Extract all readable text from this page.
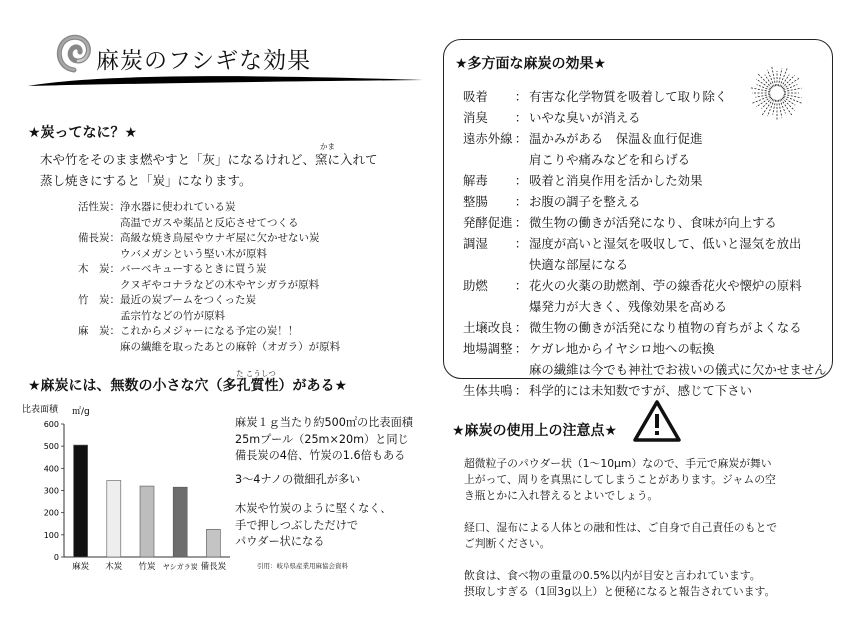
麻炭のフシギな効果
★炭ってなに？★
かま
木や竹をそのまま燃やすと「灰」になるけれど、窯に入れて
蒸し焼きにすると「炭」になります。
活性炭： 浄水器に使われている炭
高温でガスや薬品と反応させてつくる
備長炭： 高級な焼き鳥屋やウナギ屋に欠かせない炭
ウバメガシという堅い木が原料
木　炭： バーベキューするときに買う炭
クヌギやコナラなどの木やヤシガラが原料
竹　炭： 最近の炭ブームをつくった炭
孟宗竹などの竹が原料
麻　炭： これからメジャーになる予定の炭！！
麻の繊維を取ったあとの麻幹（オガラ）が原料
た こうしつ
★麻炭には、無数の小さな穴（多孔質性）がある★
比表面積 ㎡/g
0
100
200
300
400
500
600
麻炭 木炭 竹炭 ヤシガラ炭 備長炭
麻炭１ｇ当たり約500㎡の比表面積
25mプール（25m×20m）と同じ
備長炭の4倍、竹炭の1.6倍もある
3～4ナノの微細孔が多い
木炭や竹炭のように堅くなく、
手で押しつぶしただけで
パウダー状になる
引用：岐阜県産業用麻協会資料
★多方面な麻炭の効果★
吸着	： 有害な化学物質を吸着して取り除く
消臭	： いやな臭いが消える
遠赤外線 ： 温かみがある　保温＆血行促進
肩こりや痛みなどを和らげる
解毒	： 吸着と消臭作用を活かした効果
整腸	： お腹の調子を整える
発酵促進 ： 微生物の働きが活発になり、食味が向上する
調湿	： 湿度が高いと湿気を吸収して、低いと湿気を放出
快適な部屋になる
助燃	： 花火の火薬の助燃剤、苧の線香花火や懐炉の原料
爆発力が大きく、残像効果を高める
土壌改良 ： 微生物の働きが活発になり植物の育ちがよくなる
地場調整 ： ケガレ地からイヤシロ地への転換
麻の繊維は今でも神社でお祓いの儀式に欠かせません
生体共鳴 ： 科学的には未知数ですが、感じて下さい
★麻炭の使用上の注意点★

超微粒子のパウダー状（1～10μm）なので、手元で麻炭が舞い
上がって、周りを真黒にしてしまうことがあります。ジャムの空
き瓶とかに入れ替えるとよいでしょう。

経口、湿布による人体との融和性は、ご自身で自己責任のもとで
ご判断ください。

飲食は、食べ物の重量の0.5%以内が目安と言われています。
摂取しすぎる（1回3g以上）と便秘になると報告されています。
